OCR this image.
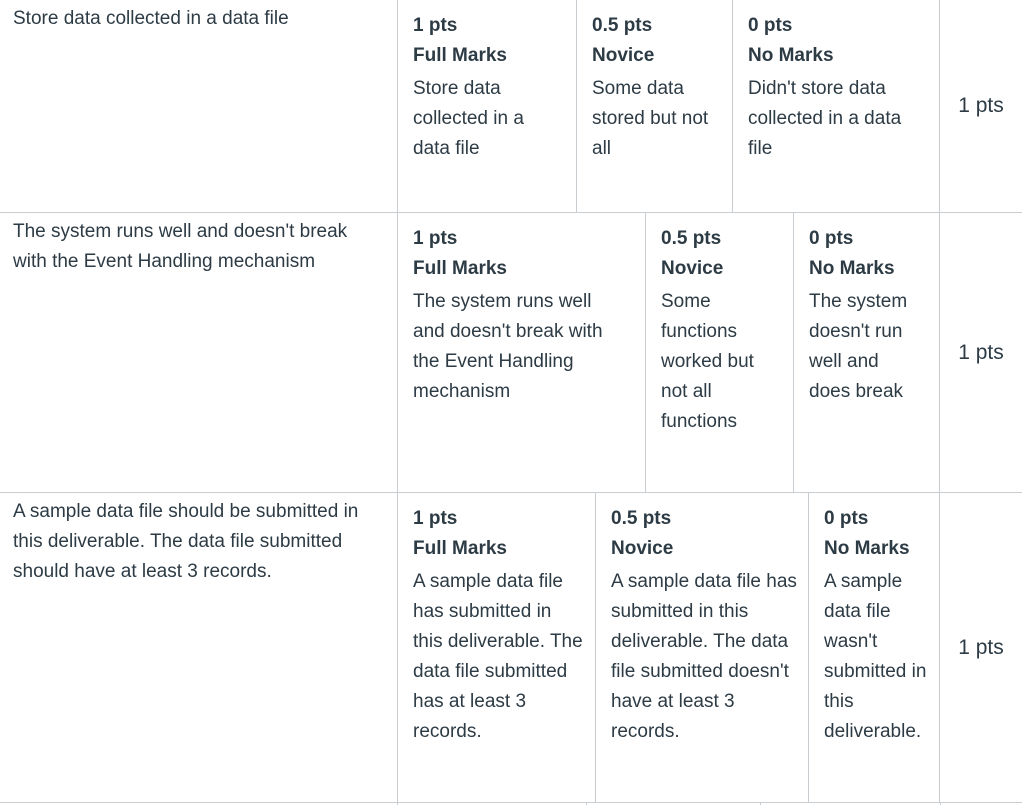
Store data collected in a data file	1 pts
Full Marks
Store data collected in a data file
0.5 pts
Novice
Some data stored but not all
0 pts
No Marks
Didn't store data collected in a data file
1 pts
The system runs well and doesn't break with the Event Handling mechanism
1 pts
Full Marks
The system runs well and doesn't break with the Event Handling mechanism
0.5 pts
Novice
Some functions worked but not all functions
0 pts
No Marks
The system doesn't run well and does break
1 pts
A sample data file should be submitted in this deliverable. The data file submitted should have at least 3 records.
1 pts
Full Marks
A sample data file has submitted in this deliverable. The data file submitted has at least 3 records.
0.5 pts
Novice
A sample data file has submitted in this deliverable. The data file submitted doesn't have at least 3 records.
0 pts
No Marks
A sample data file wasn't submitted in this deliverable.
1 pts
